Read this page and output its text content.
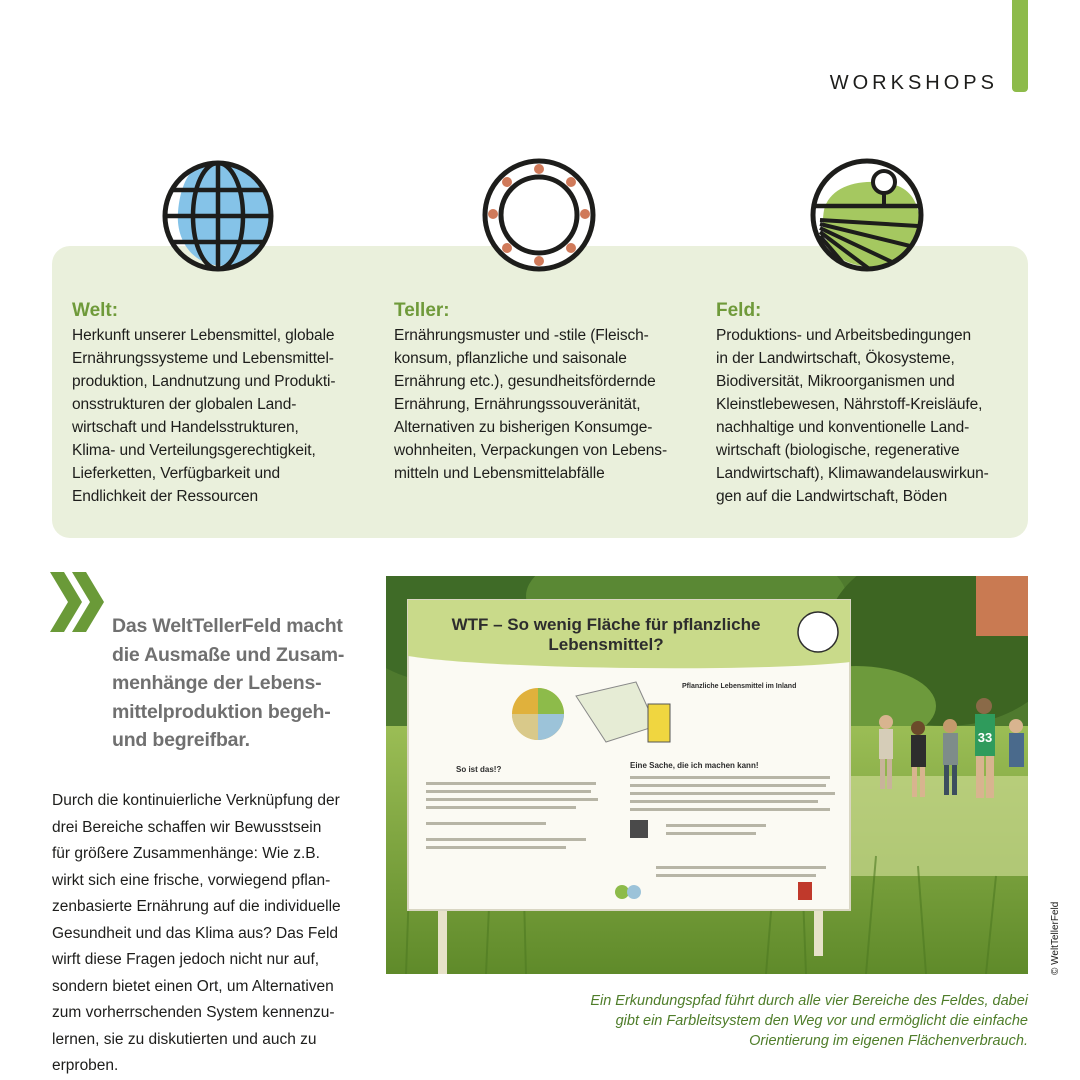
WORKSHOPS
Welt:

Herkunft unserer Lebensmittel, globale
Ernährungssysteme und Lebensmittel-
produktion, Landnutzung und Produkti-
onsstrukturen der globalen Land-
wirtschaft und Handelsstrukturen,
Klima- und Verteilungsgerechtigkeit,
Lieferketten, Verfügbarkeit und
Endlichkeit der Ressourcen

Teller:

Ernährungsmuster und -stile (Fleisch-
konsum, pflanzliche und saisonale
Ernährung etc.), gesundheitsfördernde
Ernährung, Ernährungssouveränität,
Alternativen zu bisherigen Konsumge-
wohnheiten, Verpackungen von Lebens-
mitteln und Lebensmittelabfälle

Feld:

Produktions- und Arbeitsbedingungen
in der Landwirtschaft, Ökosysteme,
Biodiversität, Mikroorganismen und
Kleinstlebewesen, Nährstoff-Kreisläufe,
nachhaltige und konventionelle Land-
wirtschaft (biologische, regenerative
Landwirtschaft), Klimawandelauswirkun-
gen auf die Landwirtschaft, Böden

Das WeltTellerFeld macht
die Ausmaße und Zusam-
menhänge der Lebens-
mittelproduktion begeh-
und begreifbar.

Durch die kontinuierliche Verknüpfung der
drei Bereiche schaffen wir Bewusstsein
für größere Zusammenhänge: Wie z.B.
wirkt sich eine frische, vorwiegend pflan-
zenbasierte Ernährung auf die individuelle
Gesundheit und das Klima aus? Das Feld
wirft diese Fragen jedoch nicht nur auf,
sondern bietet einen Ort, um Alternativen
zum vorherrschenden System kennenzu-
lernen, sie zu diskutierten und auch zu
erproben.

WTF – So wenig Fläche für pflanzliche
Lebensmittel?
Pflanzliche Lebensmittel im Inland
So ist das!?	Eine Sache, die ich machen kann!
33
© WeltTellerFeld

Ein Erkundungspfad führt durch alle vier Bereiche des Feldes, dabei
gibt ein Farbleitsystem den Weg vor und ermöglicht die einfache
Orientierung im eigenen Flächenverbrauch.
